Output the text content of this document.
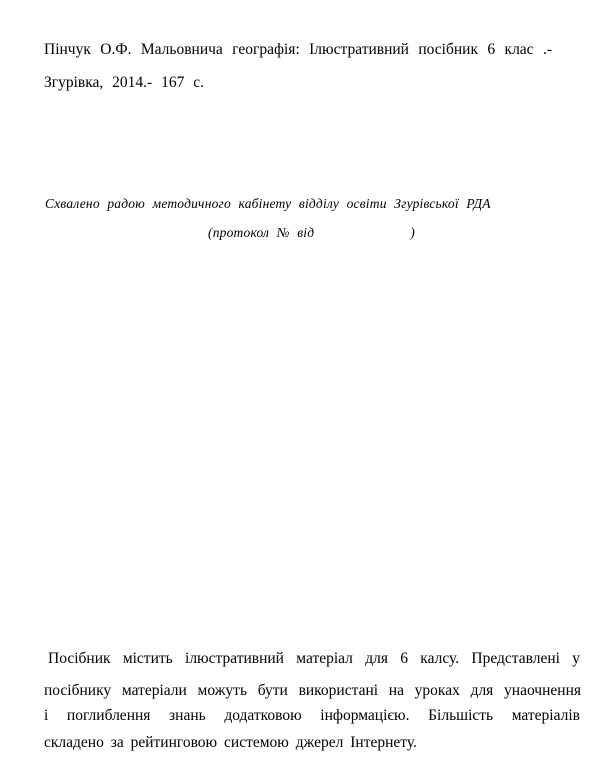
Пінчук О.Ф. Мальовнича географія: Ілюстративний посібник 6 клас .-
Згурівка, 2014.- 167 с.
Схвалено радою методичного кабінету відділу освіти Згурівської РДА
(протокол № від	)
Посібник містить ілюстративний матеріал для 6 калсу. Представлені у
посібнику матеріали можуть бути використані на уроках для унаочнення
і поглиблення знань додатковою інформацією. Більшість матеріалів
складено за рейтинговою системою джерел Інтернету.
